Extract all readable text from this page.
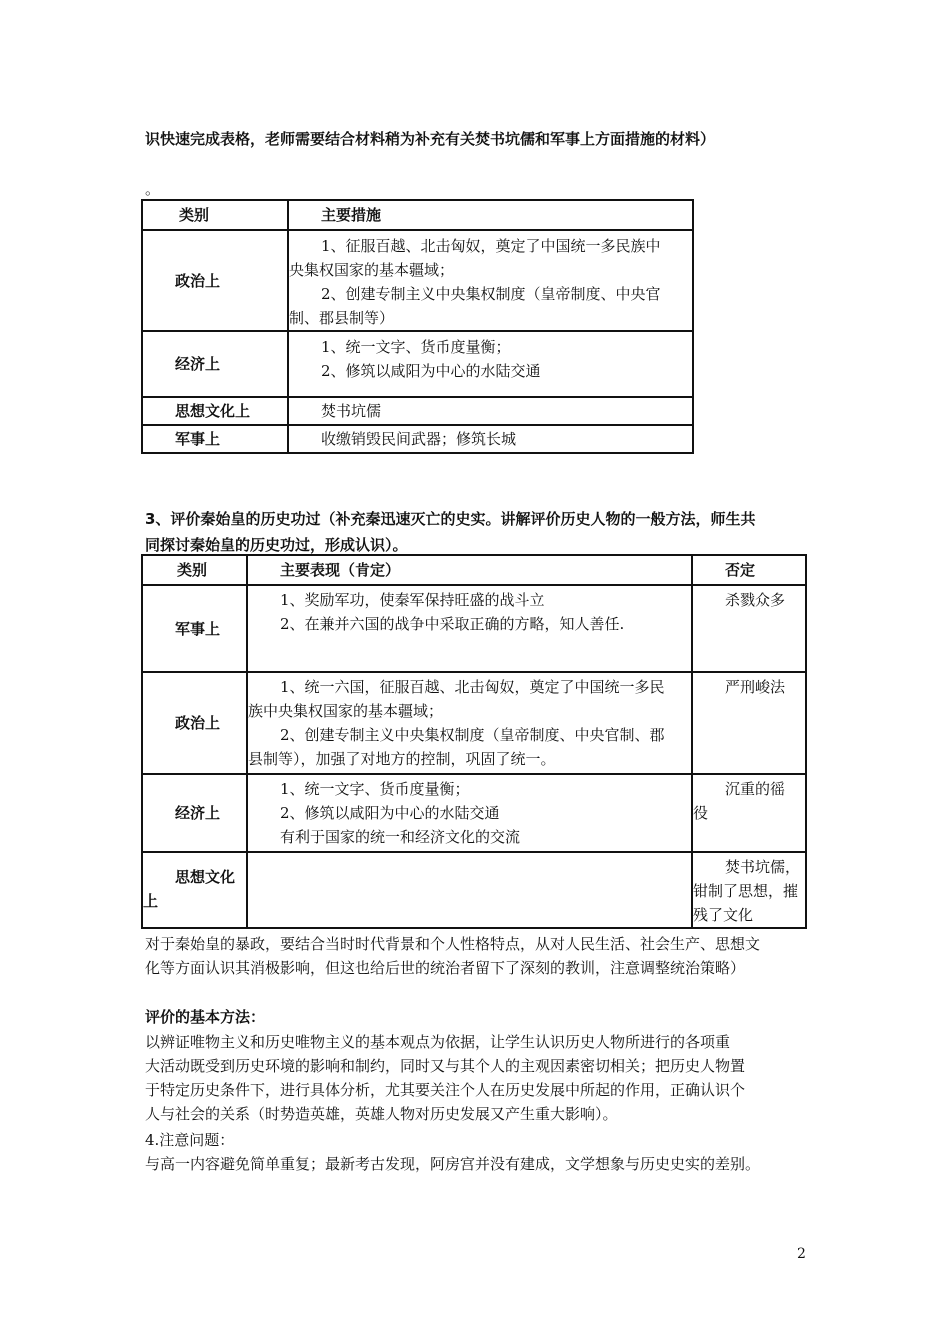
识快速完成表格，老师需要结合材料稍为补充有关焚书坑儒和军事上方面措施的材料）
。
类别	主要措施
政治上	1、征服百越、北击匈奴，奠定了中国统一多民族中
央集权国家的基本疆域；
2、创建专制主义中央集权制度（皇帝制度、中央官
制、郡县制等）

经济上	1、统一文字、货币度量衡；
2、修筑以咸阳为中心的水陆交通

思想文化上	焚书坑儒

军事上	收缴销毁民间武器；修筑长城
3、评价秦始皇的历史功过（补充秦迅速灭亡的史实。讲解评价历史人物的一般方法，师生共
同探讨秦始皇的历史功过，形成认识）。
类别	主要表现（肯定）	否定
军事上	1、奖励军功，使秦军保持旺盛的战斗立
2、在兼并六国的战争中采取正确的方略，知人善任.	杀戮众多

政治上	1、统一六国，征服百越、北击匈奴，奠定了中国统一多民
族中央集权国家的基本疆域；
2、创建专制主义中央集权制度（皇帝制度、中央官制、郡
县制等），加强了对地方的控制，巩固了统一。	严刑峻法

经济上	1、统一文字、货币度量衡；
2、修筑以咸阳为中心的水陆交通
有利于国家的统一和经济文化的交流	沉重的徭
役

思想文化
上		焚书坑儒，
钳制了思想，摧
残了文化
对于秦始皇的暴政，要结合当时时代背景和个人性格特点，从对人民生活、社会生产、思想文
化等方面认识其消极影响，但这也给后世的统治者留下了深刻的教训，注意调整统治策略）
评价的基本方法：
以辨证唯物主义和历史唯物主义的基本观点为依据，让学生认识历史人物所进行的各项重
大活动既受到历史环境的影响和制约，同时又与其个人的主观因素密切相关；把历史人物置
于特定历史条件下，进行具体分析，尤其要关注个人在历史发展中所起的作用，正确认识个
人与社会的关系（时势造英雄，英雄人物对历史发展又产生重大影响）。
4.注意问题：
与高一内容避免简单重复；最新考古发现，阿房宫并没有建成，文学想象与历史史实的差别。
2
